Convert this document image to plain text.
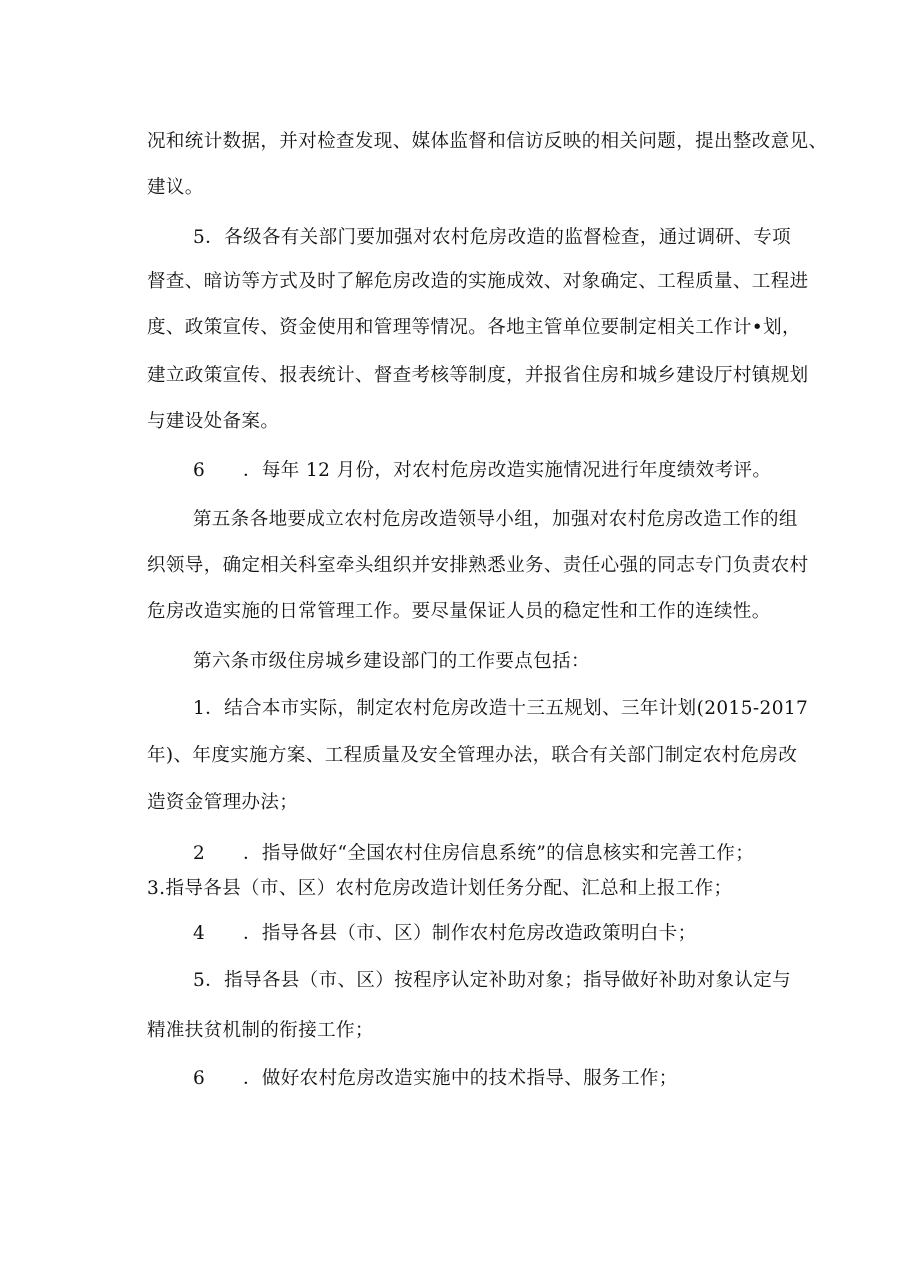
况和统计数据，并对检查发现、媒体监督和信访反映的相关问题，提出整改意见、
建议。
5．各级各有关部门要加强对农村危房改造的监督检查，通过调研、专项
督查、暗访等方式及时了解危房改造的实施成效、对象确定、工程质量、工程进
度、政策宣传、资金使用和管理等情况。各地主管单位要制定相关工作计•划，
建立政策宣传、报表统计、督查考核等制度，并报省住房和城乡建设厅村镇规划
与建设处备案。
6　　．每年 12 月份，对农村危房改造实施情况进行年度绩效考评。
第五条各地要成立农村危房改造领导小组，加强对农村危房改造工作的组
织领导，确定相关科室牵头组织并安排熟悉业务、责任心强的同志专门负责农村
危房改造实施的日常管理工作。要尽量保证人员的稳定性和工作的连续性。
第六条市级住房城乡建设部门的工作要点包括：
1．结合本市实际，制定农村危房改造十三五规划、三年计划(2015-2017
年)、年度实施方案、工程质量及安全管理办法，联合有关部门制定农村危房改
造资金管理办法；
2　　．指导做好“全国农村住房信息系统”的信息核实和完善工作；
3.指导各县（市、区）农村危房改造计划任务分配、汇总和上报工作；
4　　．指导各县（市、区）制作农村危房改造政策明白卡；
5．指导各县（市、区）按程序认定补助对象；指导做好补助对象认定与
精准扶贫机制的衔接工作；
6　　．做好农村危房改造实施中的技术指导、服务工作；
